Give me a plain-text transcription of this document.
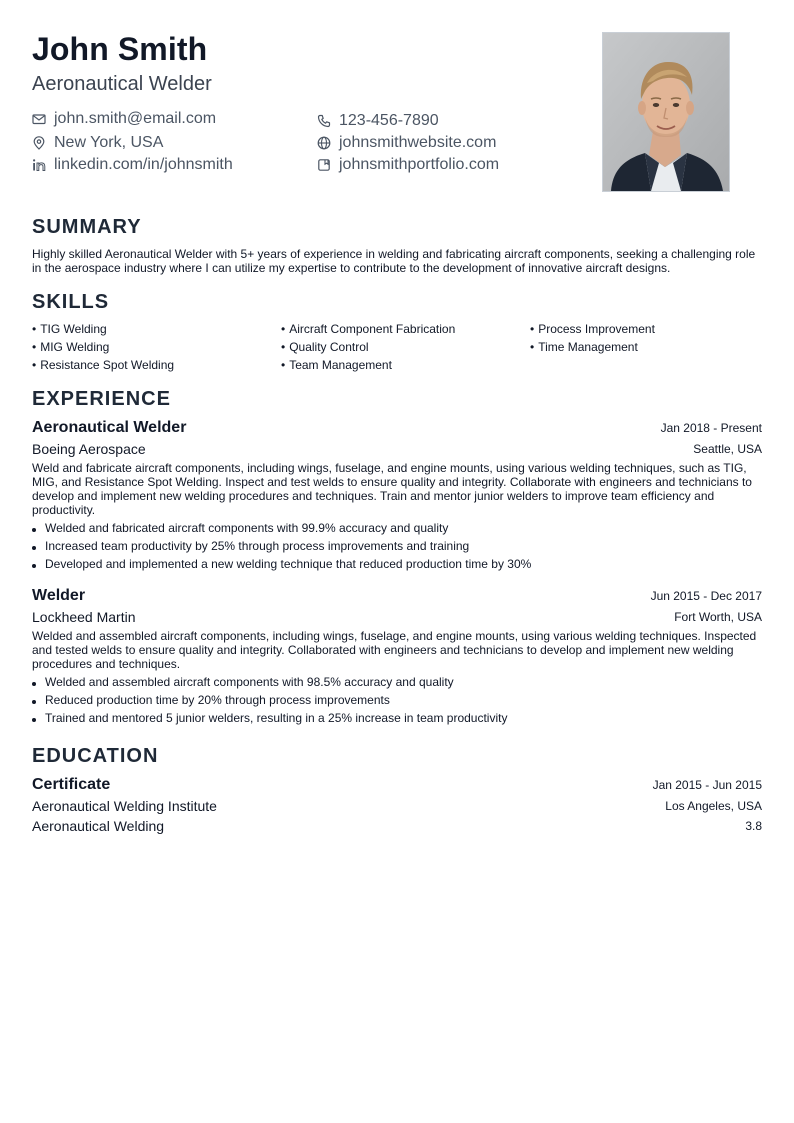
John Smith
Aeronautical Welder
john.smith@email.com
New York, USA
linkedin.com/in/johnsmith
123-456-7890
johnsmithwebsite.com
johnsmithportfolio.com
SUMMARY
Highly skilled Aeronautical Welder with 5+ years of experience in welding and fabricating aircraft components, seeking a challenging role in the aerospace industry where I can utilize my expertise to contribute to the development of innovative aircraft designs.
SKILLS
• TIG Welding	• Aircraft Component Fabrication	• Process Improvement
• MIG Welding	• Quality Control	• Time Management
• Resistance Spot Welding	• Team Management
EXPERIENCE
Aeronautical Welder	Jan 2018 - Present
Boeing Aerospace	Seattle, USA
Weld and fabricate aircraft components, including wings, fuselage, and engine mounts, using various welding techniques, such as TIG, MIG, and Resistance Spot Welding. Inspect and test welds to ensure quality and integrity. Collaborate with engineers and technicians to develop and implement new welding procedures and techniques. Train and mentor junior welders to improve team efficiency and productivity.
Welded and fabricated aircraft components with 99.9% accuracy and quality
Increased team productivity by 25% through process improvements and training
Developed and implemented a new welding technique that reduced production time by 30%
Welder	Jun 2015 - Dec 2017
Lockheed Martin	Fort Worth, USA
Welded and assembled aircraft components, including wings, fuselage, and engine mounts, using various welding techniques. Inspected and tested welds to ensure quality and integrity. Collaborated with engineers and technicians to develop and implement new welding procedures and techniques.
Welded and assembled aircraft components with 98.5% accuracy and quality
Reduced production time by 20% through process improvements
Trained and mentored 5 junior welders, resulting in a 25% increase in team productivity
EDUCATION
Certificate	Jan 2015 - Jun 2015
Aeronautical Welding Institute	Los Angeles, USA
Aeronautical Welding	3.8
